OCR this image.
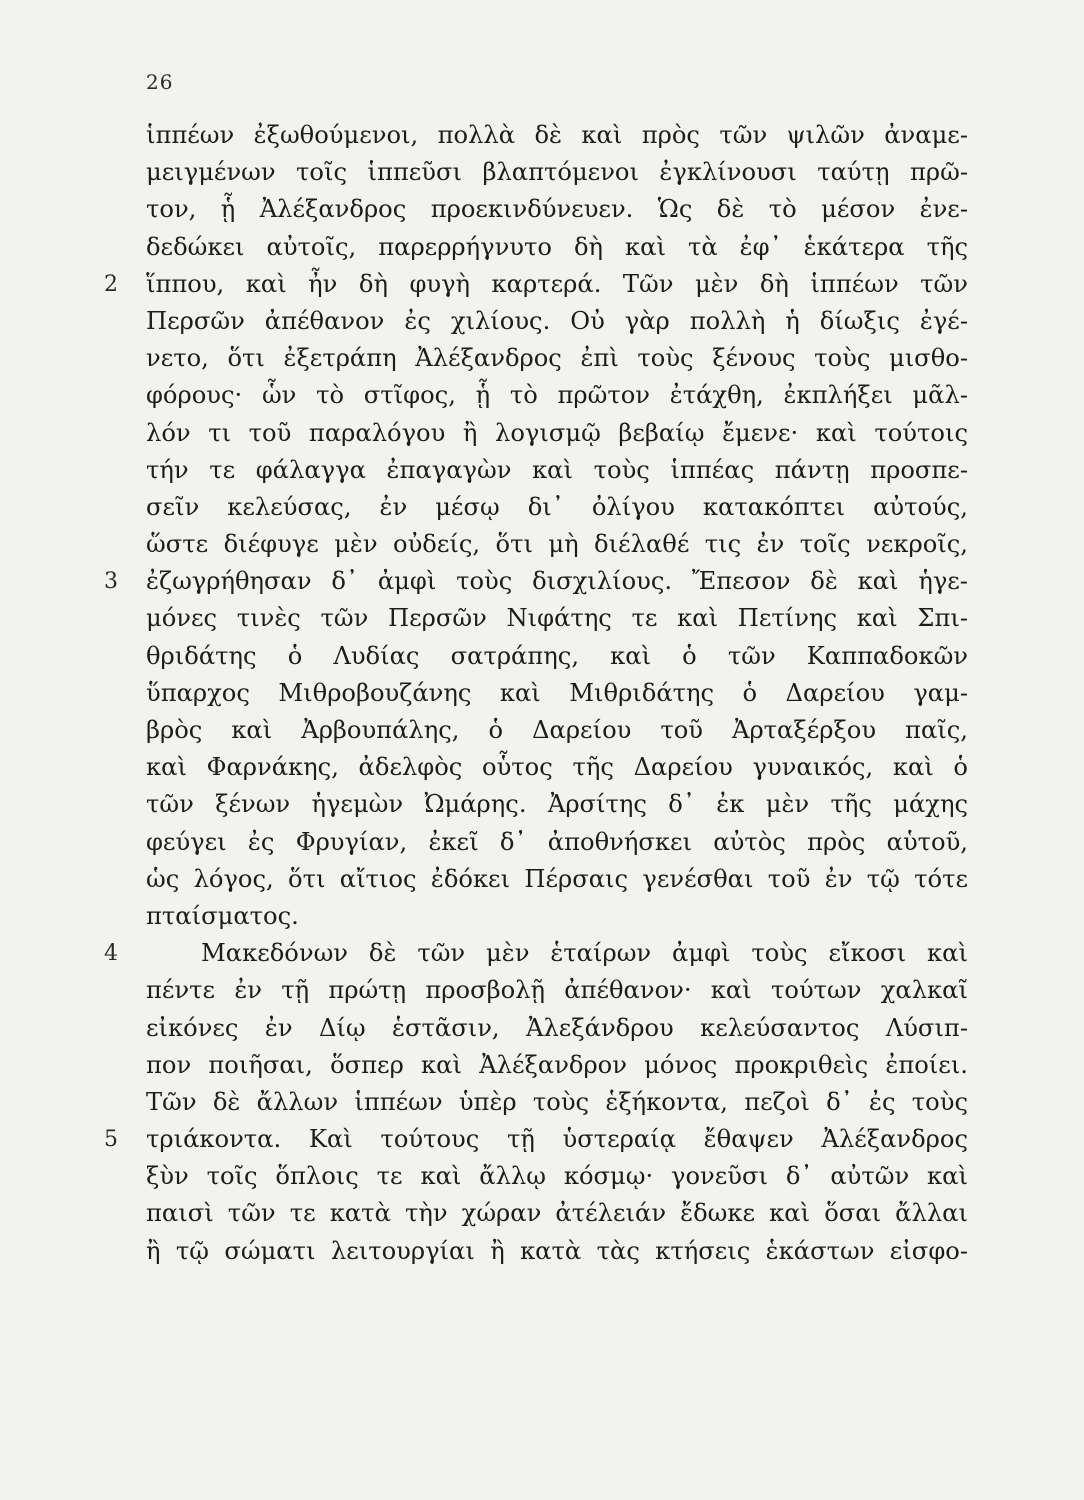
26
ἱππέων ἐξωθούμενοι, πολλὰ δὲ καὶ πρὸς τῶν ψιλῶν ἀναμε-
μειγμένων τοῖς ἱππεῦσι βλαπτόμενοι ἐγκλίνουσι ταύτῃ πρῶ-
τον, ᾗ Ἀλέξανδρος προεκινδύνευεν. Ὡς δὲ τὸ μέσον ἐνε-
δεδώκει αὐτοῖς, παρερρήγνυτο δὴ καὶ τὰ ἐφ᾽ ἑκάτερα τῆς
2 ἵππου, καὶ ἦν δὴ φυγὴ καρτερά. Τῶν μὲν δὴ ἱππέων τῶν
Περσῶν ἀπέθανον ἐς χιλίους. Οὐ γὰρ πολλὴ ἡ δίωξις ἐγέ-
νετο, ὅτι ἐξετράπη Ἀλέξανδρος ἐπὶ τοὺς ξένους τοὺς μισθο-
φόρους· ὧν τὸ στῖφος, ᾗ τὸ πρῶτον ἐτάχθη, ἐκπλήξει μᾶλ-
λόν τι τοῦ παραλόγου ἢ λογισμῷ βεβαίῳ ἔμενε· καὶ τούτοις
τήν τε φάλαγγα ἐπαγαγὼν καὶ τοὺς ἱππέας πάντῃ προσπε-
σεῖν κελεύσας, ἐν μέσῳ δι᾽ ὀλίγου κατακόπτει αὐτούς,
ὥστε διέφυγε μὲν οὐδείς, ὅτι μὴ διέλαθέ τις ἐν τοῖς νεκροῖς,
3 ἐζωγρήθησαν δ᾽ ἀμφὶ τοὺς δισχιλίους. Ἔπεσον δὲ καὶ ἡγε-
μόνες τινὲς τῶν Περσῶν Νιφάτης τε καὶ Πετίνης καὶ Σπι-
θριδάτης ὁ Λυδίας σατράπης, καὶ ὁ τῶν Καππαδοκῶν
ὕπαρχος Μιθροβουζάνης καὶ Μιθριδάτης ὁ Δαρείου γαμ-
βρὸς καὶ Ἀρβουπάλης, ὁ Δαρείου τοῦ Ἀρταξέρξου παῖς,
καὶ Φαρνάκης, ἀδελφὸς οὗτος τῆς Δαρείου γυναικός, καὶ ὁ
τῶν ξένων ἡγεμὼν Ὠμάρης. Ἀρσίτης δ᾽ ἐκ μὲν τῆς μάχης
φεύγει ἐς Φρυγίαν, ἐκεῖ δ᾽ ἀποθνήσκει αὐτὸς πρὸς αὑτοῦ,
ὡς λόγος, ὅτι αἴτιος ἐδόκει Πέρσαις γενέσθαι τοῦ ἐν τῷ τότε
πταίσματος.
4	Μακεδόνων δὲ τῶν μὲν ἑταίρων ἀμφὶ τοὺς εἴκοσι καὶ
πέντε ἐν τῇ πρώτῃ προσβολῇ ἀπέθανον· καὶ τούτων χαλκαῖ
εἰκόνες ἐν Δίῳ ἑστᾶσιν, Ἀλεξάνδρου κελεύσαντος Λύσιπ-
πον ποιῆσαι, ὅσπερ καὶ Ἀλέξανδρον μόνος προκριθεὶς ἐποίει.
Τῶν δὲ ἄλλων ἱππέων ὑπὲρ τοὺς ἑξήκοντα, πεζοὶ δ᾽ ἐς τοὺς
5 τριάκοντα. Καὶ τούτους τῇ ὑστεραίᾳ ἔθαψεν Ἀλέξανδρος
ξὺν τοῖς ὅπλοις τε καὶ ἄλλῳ κόσμῳ· γονεῦσι δ᾽ αὐτῶν καὶ
παισὶ τῶν τε κατὰ τὴν χώραν ἀτέλειάν ἔδωκε καὶ ὅσαι ἄλλαι
ἢ τῷ σώματι λειτουργίαι ἢ κατὰ τὰς κτήσεις ἑκάστων εἰσφο-
